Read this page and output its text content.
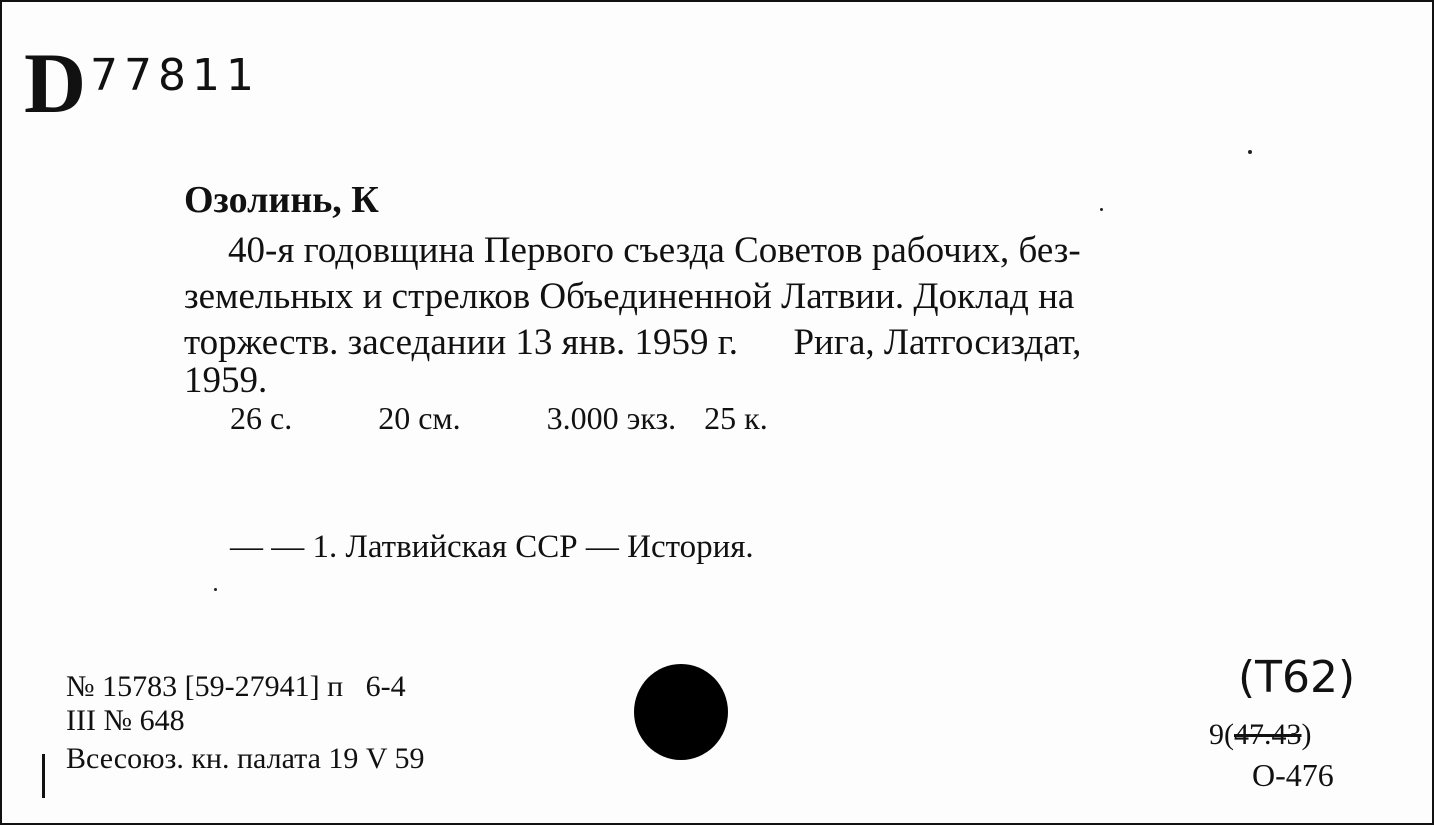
D 77811
Озолинь, К
40-я годовщина Первого съезда Советов рабочих, без-
земельных и стрелков Объединенной Латвии. Доклад на
торжеств. заседании 13 янв. 1959 г.      Рига, Латгосиздат,
1959.
26 с.	20 см.	3.000 экз. 25 к.
— — 1. Латвийская ССР — История.
№ 15783 [59-27941] п   6-4
III № 648
Всесоюз. кн. палата 19 V 59
(Т62)
9(47.43)
О-476
